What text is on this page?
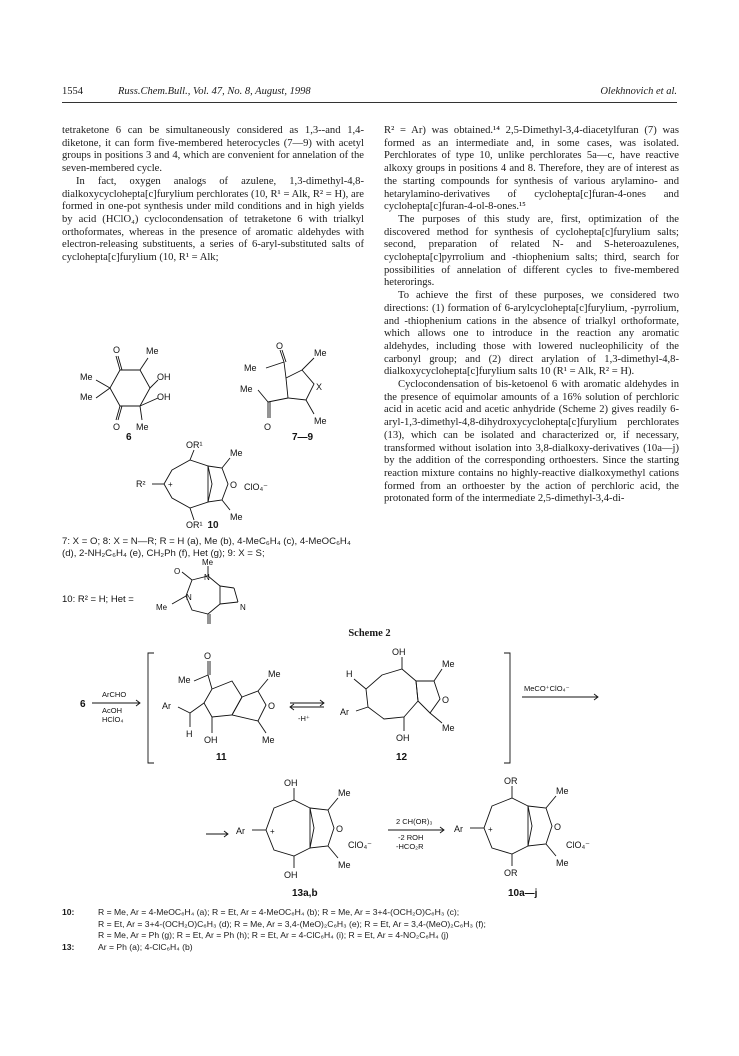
1554	Russ.Chem.Bull., Vol. 47, No. 8, August, 1998	Olekhnovich et al.

tetraketone 6 can be simultaneously considered as 1,3--and 1,4-diketone, it can form five-membered heterocycles (7—9) with acetyl groups in positions 3 and 4, which are convenient for annelation of the seven-membered cycle.

In fact, oxygen analogs of azulene, 1,3-dimethyl-4,8-dialkoxycyclohepta[c]furylium perchlorates (10, R¹ = Alk, R² = H), are formed in one-pot synthesis under mild conditions and in high yields by acid (HClO₄) cyclocondensation of tetraketone 6 with trialkyl orthoformates, whereas in the presence of aromatic aldehydes with electron-releasing substituents, a series of 6-aryl-substituted salts of cyclohepta[c]furylium (10, R¹ = Alk;

O	Me
OH
OH
Me
Me
O Me
6
O
Me
Me
O
Me
X
Me
7—9
OR¹
Me
O
Me
OR¹
R²	+	ClO₄⁻
10

7: X = O; 8: X = N—R; R = H (a), Me (b), 4-MeC₆H₄ (c), 4-MeOC₆H₄ (d), 2-NH₂C₆H₄ (e), CH₂Ph (f), Het (g); 9: X = S;

10: R² = H; Het =
Me
O
N
N
Me	N

R² = Ar) was obtained.¹⁴ 2,5-Dimethyl-3,4-diacetylfuran (7) was formed as an intermediate and, in some cases, was isolated. Perchlorates of type 10, unlike perchlorates 5a—c, have reactive alkoxy groups in positions 4 and 8. Therefore, they are of interest as the starting compounds for synthesis of various arylamino- and hetarylamino-derivatives of cyclohepta[c]furan-4-ones and cyclohepta[c]furan-4-ol-8-ones.¹⁵

The purposes of this study are, first, optimization of the discovered method for synthesis of cyclohepta[c]furylium salts; second, preparation of related N- and S-heteroazulenes, cyclohepta[c]pyrrolium and -thiophenium salts; third, search for possibilities of annelation of different cycles to five-membered heterorings.

To achieve the first of these purposes, we considered two directions: (1) formation of 6-arylcyclohepta[c]furylium, -pyrrolium, and -thiophenium cations in the absence of trialkyl orthoformate, which allows one to introduce in the reaction any aromatic aldehydes, including those with lowered nucleophilicity of the carbonyl group; and (2) direct arylation of 1,3-dimethyl-4,8-dialkoxycyclohepta[c]furylium salts 10 (R¹ = Alk, R² = H).

Cyclocondensation of bis-ketoenol 6 with aromatic aldehydes in the presence of equimolar amounts of a 16% solution of perchloric acid in acetic acid and acetic anhydride (Scheme 2) gives readily 6-aryl-1,3-dimethyl-4,8-dihydroxycyclohepta[c]furylium perchlorates (13), which can be isolated and characterized or, if necessary, transformed without isolation into 3,8-dialkoxy-derivatives (10a—j) by the addition of the corresponding orthoesters. Since the starting reaction mixture contains no highly-reactive dialkoxymethyl cations formed from an orthoester by the action of perchloric acid, the protonated form of the intermediate 2,5-dimethyl-3,4-di-

Scheme 2
6
ArCHO
AcOH
HClO₄
O
Me
Me
O
Me
OH
Ar
H
11
-H⁺
OH
Me
O
Me
OH
H
Ar
12
MeCO⁺ClO₄⁻
OH
Me
O
Me
OH
Ar	+
ClO₄⁻
13a,b
2 CH(OR)₃
-2 ROH
-HCO₂R
OR
Me
O
Me
OR
Ar	+
ClO₄⁻
10a—j
10:	R = Me, Ar = 4-MeOC₆H₄ (a); R = Et, Ar = 4-MeOC₆H₄ (b); R = Me, Ar = 3+4-(OCH₂O)C₆H₃ (c);
R = Et, Ar = 3+4-(OCH₂O)C₆H₃ (d); R = Me, Ar = 3,4-(MeO)₂C₆H₃ (e); R = Et, Ar = 3,4-(MeO)₂C₆H₃ (f);
R = Me, Ar = Ph (g); R = Et, Ar = Ph (h); R = Et, Ar = 4-ClC₆H₄ (i); R = Et, Ar = 4-NO₂C₆H₄ (j)
13:	Ar = Ph (a); 4-ClC₆H₄ (b)
